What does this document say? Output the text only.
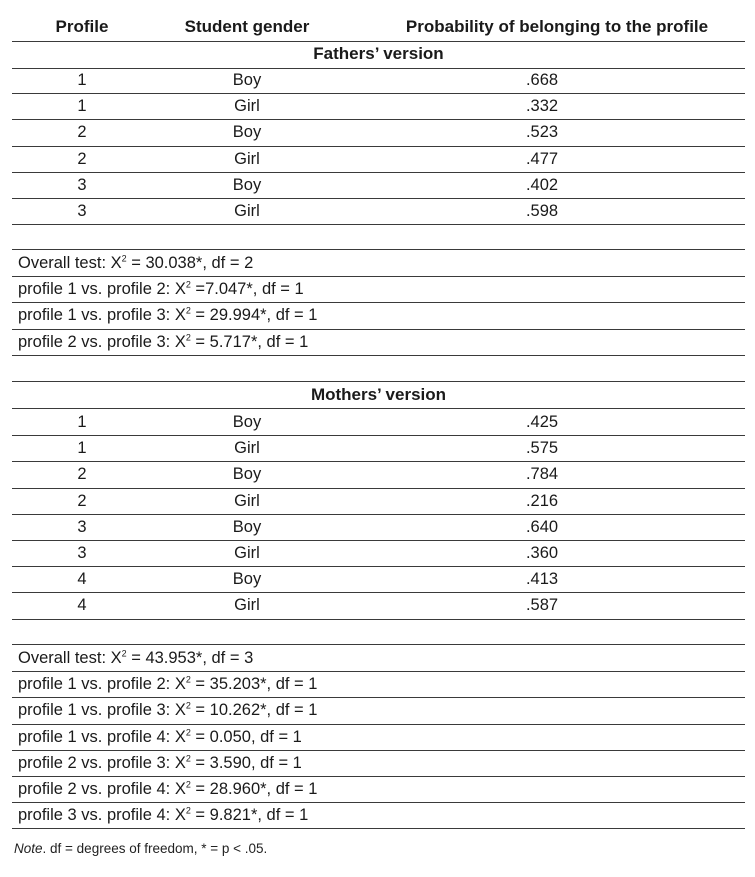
Profile	Student gender	Probability of belonging to the profile
Fathers’ version
1	Boy	.668
1	Girl	.332
2	Boy	.523
2	Girl	.477
3	Boy	.402
3	Girl	.598
Overall test: $X^2 = 30.038*$, df = 2
profile 1 vs. profile 2: $X^2 =7.047*$, df = 1
profile 1 vs. profile 3: $X^2 = 29.994*$, df = 1
profile 2 vs. profile 3: $X^2 = 5.717*$, df = 1
Mothers’ version
1	Boy	.425
1	Girl	.575
2	Boy	.784
2	Girl	.216
3	Boy	.640
3	Girl	.360
4	Boy	.413
4	Girl	.587
Overall test: $X^2 = 43.953*$, df = 3
profile 1 vs. profile 2: $X^2 = 35.203*$, df = 1
profile 1 vs. profile 3: $X^2 = 10.262*$, df = 1
profile 1 vs. profile 4: $X^2 = 0.050$, df = 1
profile 2 vs. profile 3: $X^2 = 3.590$, df = 1
profile 2 vs. profile 4: $X^2 = 28.960*$, df = 1
profile 3 vs. profile 4: $X^2 = 9.821*$, df = 1
Note. df = degrees of freedom, * = p < .05.
